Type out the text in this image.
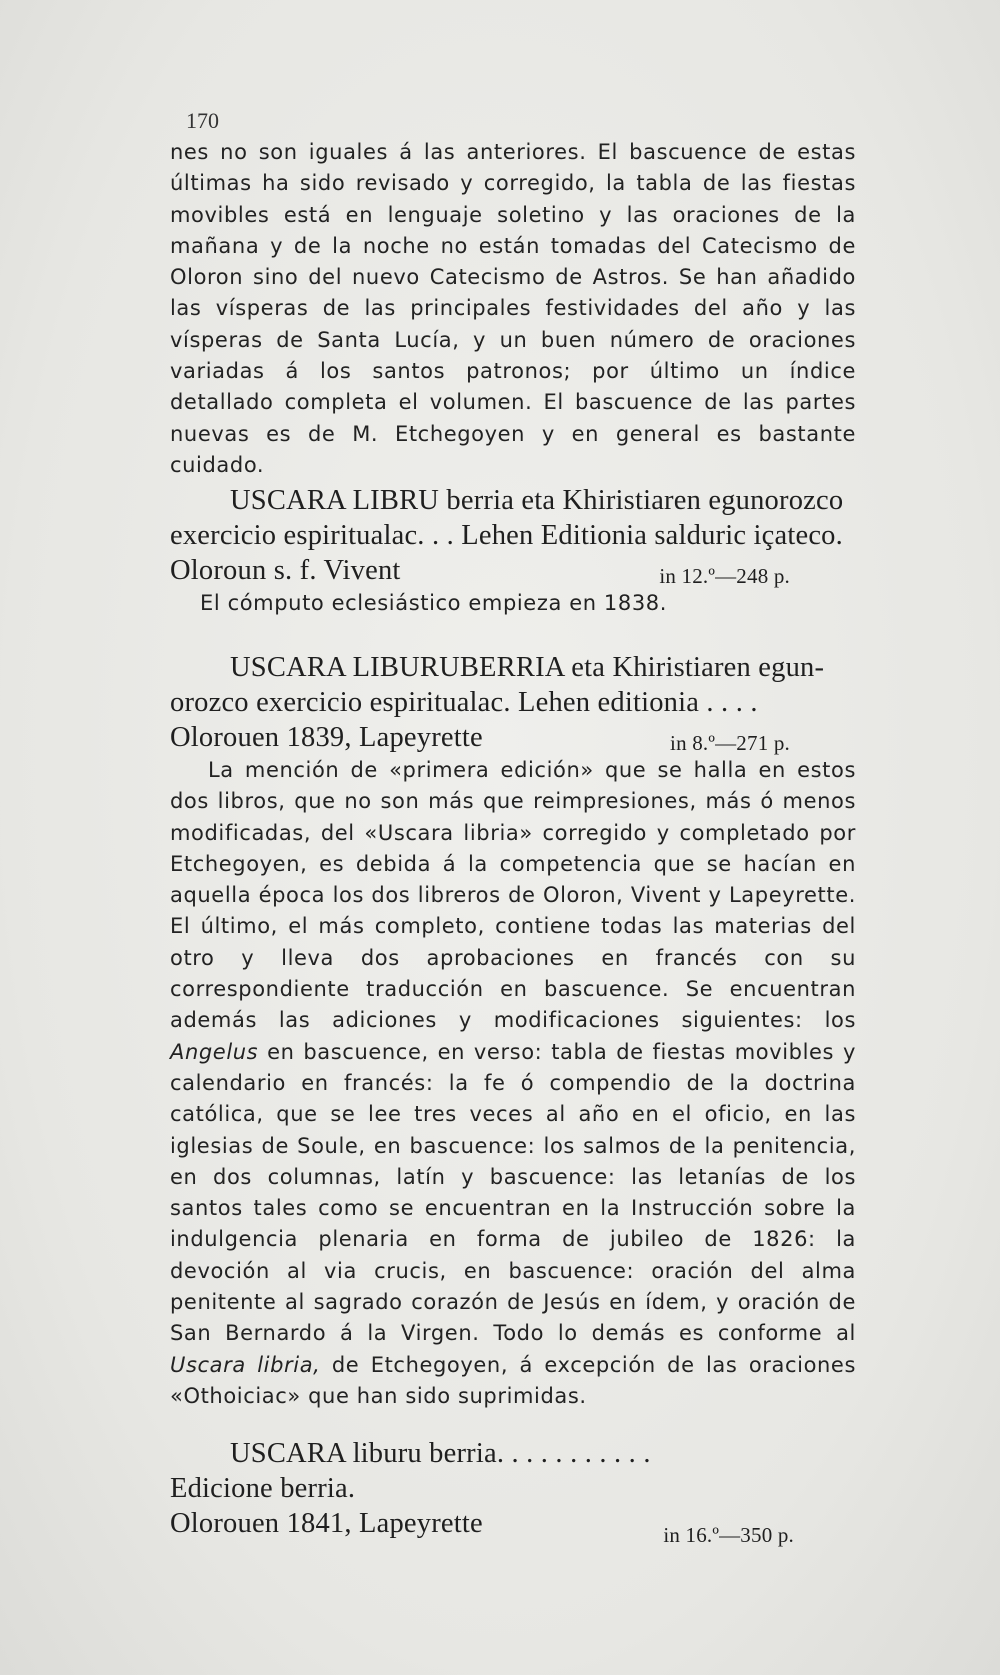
170
nes no son iguales á las anteriores. El bascuence de estas últimas ha sido revisado y corregido, la tabla de las fiestas movibles está en lenguaje soletino y las oraciones de la mañana y de la noche no están tomadas del Catecismo de Oloron sino del nuevo Catecismo de Astros. Se han añadido las vísperas de las principales festividades del año y las vísperas de Santa Lucía, y un buen número de oraciones variadas á los santos patronos; por último un índice detallado completa el volumen. El bascuence de las partes nuevas es de M. Etchegoyen y en general es bastante cuidado.
USCARA LIBRU berria eta Khiristiaren egunorozco
exercicio espiritualac. . . Lehen Editionia salduric içateco.
Oloroun s. f. Vivent	in 12.º—248 p.
El cómputo eclesiástico empieza en 1838.
USCARA LIBURUBERRIA eta Khiristiaren egun-
orozco exercicio espiritualac. Lehen editionia . . . .
Olorouen 1839, Lapeyrette	in 8.º—271 p.
La mención de «primera edición» que se halla en estos dos libros, que no son más que reimpresiones, más ó menos modificadas, del «Uscara libria» corregido y completado por Etchegoyen, es debida á la competencia que se hacían en aquella época los dos libreros de Oloron, Vivent y Lapeyrette. El último, el más completo, contiene todas las materias del otro y lleva dos aprobaciones en francés con su correspondiente traducción en bascuence. Se encuentran además las adiciones y modificaciones siguientes: los Angelus en bascuence, en verso: tabla de fiestas movibles y calendario en francés: la fe ó compendio de la doctrina católica, que se lee tres veces al año en el oficio, en las iglesias de Soule, en bascuence: los salmos de la penitencia, en dos columnas, latín y bascuence: las letanías de los santos tales como se encuentran en la Instrucción sobre la indulgencia plenaria en forma de jubileo de 1826: la devoción al via crucis, en bascuence: oración del alma penitente al sagrado corazón de Jesús en ídem, y oración de San Bernardo á la Virgen. Todo lo demás es conforme al Uscara libria, de Etchegoyen, á excepción de las oraciones «Othoiciac» que han sido suprimidas.
USCARA liburu berria. . . . . . . . . . .
Edicione berria.
Olorouen 1841, Lapeyrette	in 16.º—350 p.
